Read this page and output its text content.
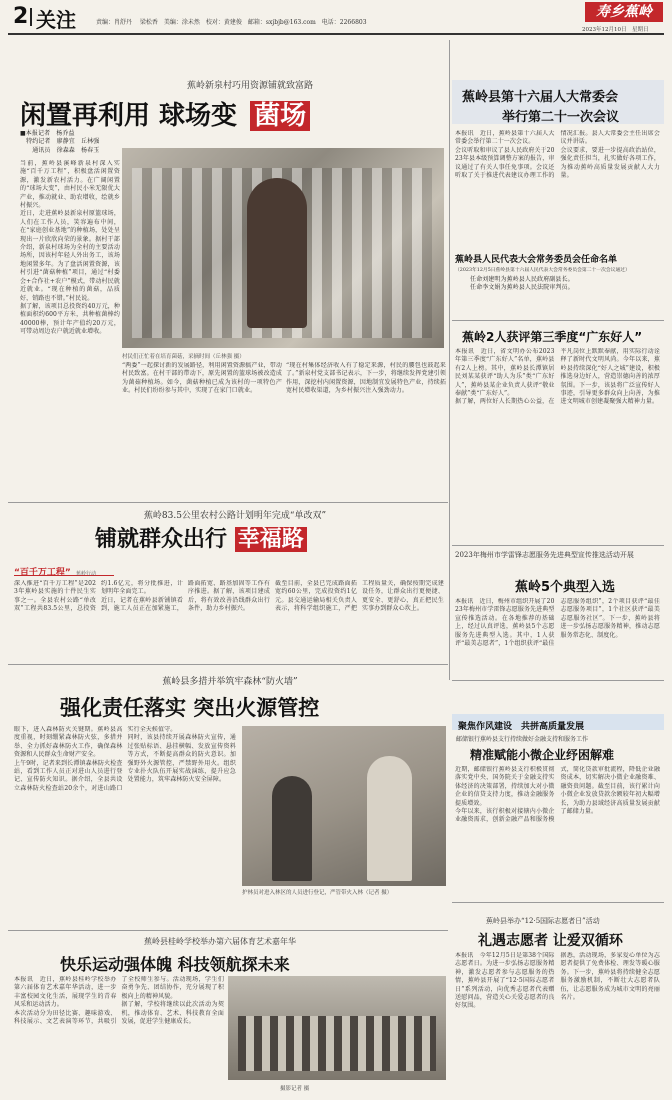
2 关注	责编：肖舒丹　 梁松香　美编：涂未然　校对：黄建俊　邮箱：sxjbjb@163.com　电话：2266803
寿乡蕉岭
2023年12月10日　星期日
蕉岭新泉村巧用资源铺就致富路
闲置再利用 球场变 菌场
■本报记者　杨乔益
　特约记者　廖静宜　丘林强
　　通讯员　徐森森　杨春玉
当前，蕉岭县溪峰新泉村深入实施“百千万工程”，积极盘活闲置资源，激发新农村活力。在广阔闲置的“球场大变”，由村民小米无限优大产业，推动就业、助农增收，绘就乡村振兴。
近日，走进蕉岭县新泉村原篮球场，人们在工作人员，笑容遍布中间，在“家庭创业基地”的种植场，处处呈现出一片欣欣向荣的景象。据村干部介绍，新泉村球场为全村的主要活动场所，因该村年轻人外出务工，该场地闲置多年。为了盘活闲置资源，该村引进“菌菇种植”项目，通过“村委会+合作社+农户”模式，带动村民就近就业。“现在种植的菌菇，品质好，销路也不错。”村民说。
据了解，该项目总投资约40万元，种植面积约600平方米，共种植菌棒约40000棒，预计年产值约20万元，可带动周边农户就近就业增收。
村民们正忙着在培育菌菇，采摘时间（丘林强 摄）
“两委”一起探讨新的发展路径，利用闲置资源搞产业，带动村民致富。在村干部的带动下，原先闲置的篮球场被改造成为菌菇种植场。如今，菌菇种植已成为该村的一项特色产业。村民们纷纷参与其中，实现了在家门口就业。
“现在村集体经济收入有了稳定来源，村民的腰包也鼓起来了。”新泉村党支部书记表示，下一步，将继续发挥党建引领作用，深挖村内闲置资源，因地制宜发展特色产业，持续拓宽村民增收渠道，为乡村振兴注入强劲动力。
蕉岭县第十六届人大常委会
举行第二十一次会议
本报讯　近日，蕉岭县第十六届人大常委会举行第二十一次会议。
会议听取和审议了县人民政府关于2023年县本级预算调整方案的报告，审议通过了有关人事任免事项。会议还听取了关于推进代表建议办理工作的情况汇报。县人大常委会主任出席会议并讲话。
会议要求，要进一步提高政治站位，强化责任担当，扎实做好各项工作，为推动蕉岭高质量发展贡献人大力量。
蕉岭县人民代表大会常务委员会任命名单
（2023年12月5日蕉岭县第十六届人民代表大会常务委员会第二十一次会议通过）
任命刘建明为蕉岭县人民政府副县长。
任命李文娟为蕉岭县人民法院审判员。
蕉岭2人获评第三季度“广东好人”
本报讯　近日，省文明办公布2023年第三季度“广东好人”名单，蕉岭县有2人上榜。其中，蕉岭县长潭镇居民刘某某获评“助人为乐”类“广东好人”，蕉岭县某企业负责人获评“敬业奉献”类“广东好人”。
据了解，两位好人长期热心公益，在平凡岗位上默默奉献，用实际行动诠释了新时代文明风尚。今年以来，蕉岭县持续深化“好人之城”建设，积极推选身边好人，营造崇德向善的浓厚氛围。下一步，该县将广泛宣传好人事迹，引导更多群众向上向善，为推进文明城市创建凝聚强大精神力量。
蕉岭83.5公里农村公路计划明年完成“单改双”
铺就群众出行 幸福路
“百千万工程” 蕉岭行动
深入推进“百千万工程”是2023年蕉岭县实施的十件民生实事之一。全县农村公路“单改双”工程共83.5公里，总投资约1.6亿元，将分批推进，计划明年全面完工。
近日，记者在蕉岭县新铺镇看到，施工人员正在加紧施工，路面拓宽、路基加固等工作有序推进。据了解，该项目建成后，将有效改善沿线群众出行条件，助力乡村振兴。
截至目前，全县已完成路面拓宽约60公里，完成投资约1亿元。县交通运输局相关负责人表示，将科学组织施工，严把工程质量关，确保按期完成建设任务，让群众出行更便捷、更安全、更舒心，真正把民生实事办到群众心坎上。
2023年梅州市学雷锋志愿服务先进典型宣传推选活动开展
蕉岭5个典型入选
本报讯　近日，梅州市组织开展了2023年梅州市学雷锋志愿服务先进典型宣传推选活动。在各地推荐的基础上，经过认真评选，蕉岭县5个志愿服务先进典型入选。其中，1人获评“最美志愿者”，1个组织获评“最佳志愿服务组织”，2个项目获评“最佳志愿服务项目”，1个社区获评“最美志愿服务社区”。下一步，蕉岭县将进一步弘扬志愿服务精神，推动志愿服务常态化、制度化。
蕉岭县多措并举筑牢森林“防火墙”
强化责任落实 突出火源管控
眼下，进入森林防火关键期。蕉岭县高度重视，时刻绷紧森林防火弦，多措并举、全力抓好森林防火工作，确保森林资源和人民群众生命财产安全。
上午9时，记者来到长潭镇森林防火检查站，看到工作人员正对进山人员进行登记、宣传防火知识。据介绍，全县共设立森林防火检查站20余个，对进山路口实行全天候值守。
同时，该县持续开展森林防火宣传，通过张贴标语、悬挂横幅、发放宣传资料等方式，不断提高群众的防火意识。加强野外火源管控，严禁野外用火。组织专业扑火队伍开展实战演练，提升应急处置能力，筑牢森林防火安全屏障。
护林员对进入林区的人员进行登记，严管带火入林（记者 摄）
聚焦作风建设　共拼高质量发展
邮储银行蕉岭县支行持续做好金融支持和服务工作
精准赋能小微企业纾困解难
近期，邮储银行蕉岭县支行积极贯彻落实党中央、国务院关于金融支持实体经济的决策部署，持续加大对小微企业的信贷支持力度，推动金融服务提质增效。
今年以来，该行积极对接辖内小微企业融资需求，创新金融产品和服务模式，简化贷款审批流程，降低企业融资成本，切实解决小微企业融资难、融资贵问题。截至目前，该行累计向小微企业发放贷款余额较年初大幅增长，为助力县域经济高质量发展贡献了邮储力量。
蕉岭县桂岭学校举办第六届体育艺术嘉年华
快乐运动强体魄 科技领航探未来
本报讯　近日，蕉岭县桂岭学校举办第六届体育艺术嘉年华活动，进一步丰富校园文化生活，展现学生的青春风采和运动活力。
本次活动分为田径比赛、趣味游戏、科技展示、文艺表演等环节，共吸引了全校师生参与。活动现场，学生们奋勇争先、团结协作，充分展现了积极向上的精神风貌。
据了解，学校将继续以此次活动为契机，推动体育、艺术、科技教育全面发展，促进学生健康成长。
摄影记者 摄
蕉岭县举办“12·5国际志愿者日”活动
礼遇志愿者 让爱双循环
本报讯　今年12月5日是第38个国际志愿者日。为进一步弘扬志愿服务精神，激发志愿者参与志愿服务的热情，蕉岭县开展了“12·5国际志愿者日”系列活动，向优秀志愿者代表赠送慰问品，营造关心关爱志愿者的良好氛围。
据悉，活动现场，多家爱心单位为志愿者提供了免费体检、理发等暖心服务。下一步，蕉岭县将持续健全志愿服务激励机制，不断壮大志愿者队伍，让志愿服务成为城市文明的亮丽名片。
